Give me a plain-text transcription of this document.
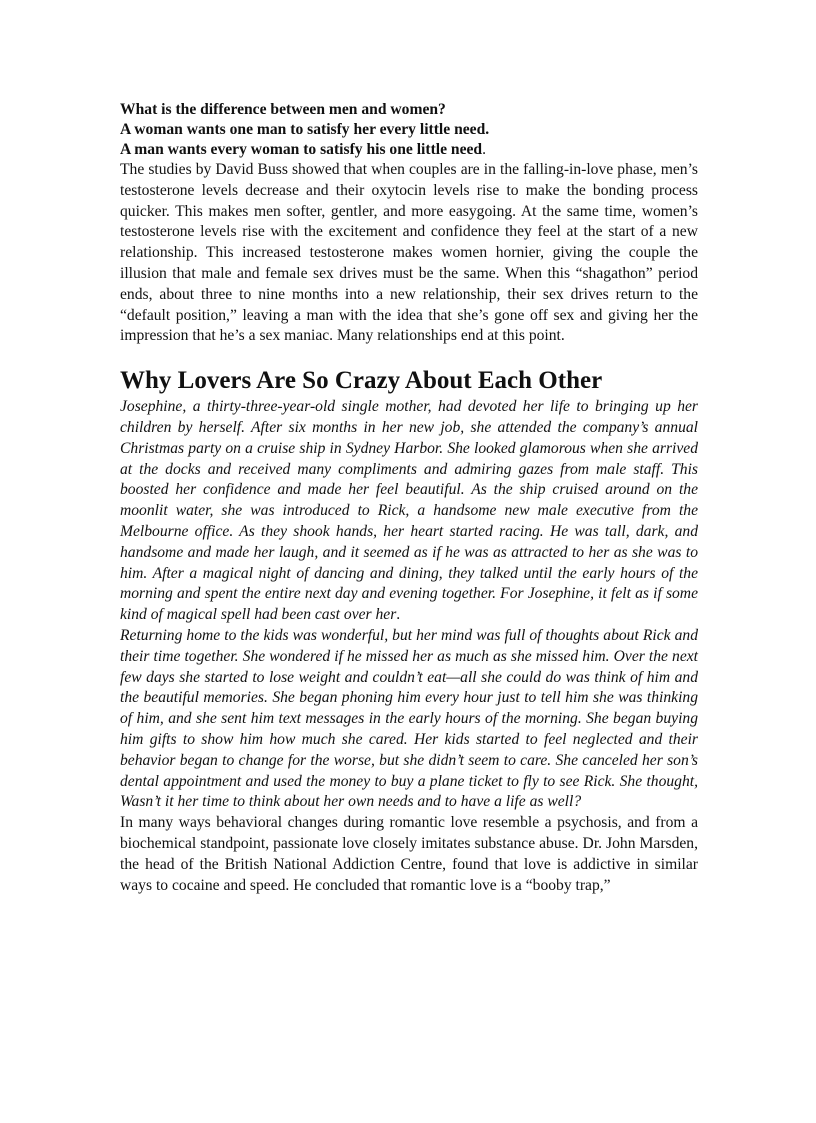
What is the difference between men and women?

A woman wants one man to satisfy her every little need.

A man wants every woman to satisfy his one little need.

The studies by David Buss showed that when couples are in the falling-in-love phase, men’s testosterone levels decrease and their oxytocin levels rise to make the bonding process quicker. This makes men softer, gentler, and more easygoing. At the same time, women’s testosterone levels rise with the excitement and confidence they feel at the start of a new relationship. This increased testosterone makes women hornier, giving the couple the illusion that male and female sex drives must be the same. When this “shagathon” period ends, about three to nine months into a new relationship, their sex drives return to the “default position,” leaving a man with the idea that she’s gone off sex and giving her the impression that he’s a sex maniac. Many relationships end at this point.

Why Lovers Are So Crazy About Each Other

Josephine, a thirty-three-year-old single mother, had devoted her life to bringing up her children by herself. After six months in her new job, she attended the company’s annual Christmas party on a cruise ship in Sydney Harbor. She looked glamorous when she arrived at the docks and received many compliments and admiring gazes from male staff. This boosted her confidence and made her feel beautiful. As the ship cruised around on the moonlit water, she was introduced to Rick, a handsome new male executive from the Melbourne office. As they shook hands, her heart started racing. He was tall, dark, and handsome and made her laugh, and it seemed as if he was as attracted to her as she was to him. After a magical night of dancing and dining, they talked until the early hours of the morning and spent the entire next day and evening together. For Josephine, it felt as if some kind of magical spell had been cast over her.

Returning home to the kids was wonderful, but her mind was full of thoughts about Rick and their time together. She wondered if he missed her as much as she missed him. Over the next few days she started to lose weight and couldn’t eat—all she could do was think of him and the beautiful memories. She began phoning him every hour just to tell him she was thinking of him, and she sent him text messages in the early hours of the morning. She began buying him gifts to show him how much she cared. Her kids started to feel neglected and their behavior began to change for the worse, but she didn’t seem to care. She canceled her son’s dental appointment and used the money to buy a plane ticket to fly to see Rick. She thought, Wasn’t it her time to think about her own needs and to have a life as well?

In many ways behavioral changes during romantic love resemble a psychosis, and from a biochemical standpoint, passionate love closely imitates substance abuse. Dr. John Marsden, the head of the British National Addiction Centre, found that love is addictive in similar ways to cocaine and speed. He concluded that romantic love is a “booby trap,”
